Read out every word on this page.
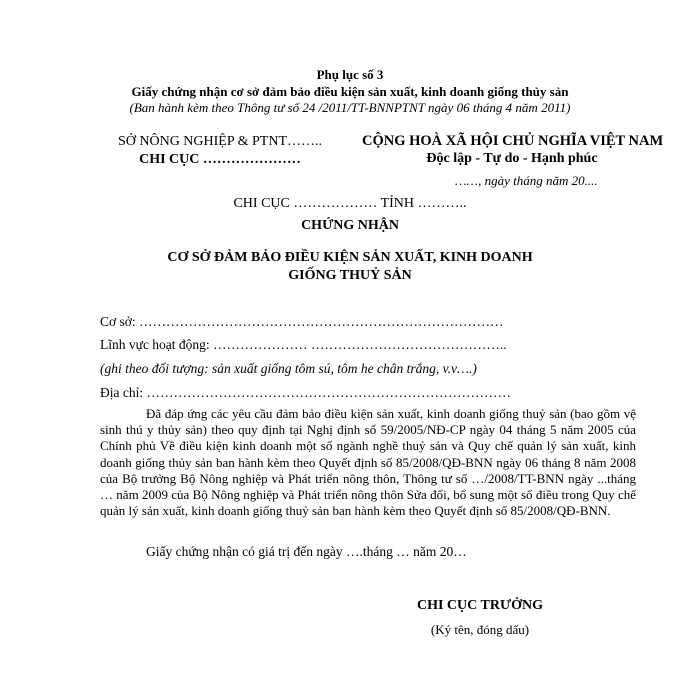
Phụ lục số 3
Giấy chứng nhận cơ sở đảm bảo điều kiện sản xuất, kinh doanh giống thủy sản
(Ban hành kèm theo Thông tư số 24 /2011/TT-BNNPTNT ngày 06 tháng 4 năm 2011)
SỞ NÔNG NGHIỆP & PTNT……..
CHI CỤC …………………
CỘNG HOÀ XÃ HỘI CHỦ NGHĨA VIỆT NAM
Độc lập - Tự do - Hạnh phúc
……, ngày tháng năm 20....
CHI CỤC ……………… TỈNH ………..
CHỨNG NHẬN
CƠ SỞ ĐẢM BẢO ĐIỀU KIỆN SẢN XUẤT, KINH DOANH
GIỐNG THUỶ SẢN
Cơ sở: ………………………………………………………………………
Lĩnh vực hoạt động: ………………… ……………………………………..
(ghi theo đối tượng: sản xuất giống tôm sú, tôm he chân trắng, v.v….)
Địa chỉ: ………………………………………………………………………
Đã đáp ứng các yêu cầu đảm bảo điều kiện sản xuất, kinh doanh giống thuỷ sản (bao gồm vệ sinh thú y thủy sản) theo quy định tại Nghị định số 59/2005/NĐ-CP ngày 04 tháng 5 năm 2005 của Chính phủ Về điều kiện kinh doanh một số ngành nghề thuỷ sản và Quy chế quản lý sản xuất, kinh doanh giống thủy sản ban hành kèm theo Quyết định số 85/2008/QĐ-BNN ngày 06 tháng 8 năm 2008 của Bộ trưởng Bộ Nông nghiệp và Phát triển nông thôn, Thông tư số …/2008/TT-BNN ngày ...tháng … năm 2009 của Bộ Nông nghiệp và Phát triển nông thôn Sửa đổi, bổ sung một số điều trong Quy chế quản lý sản xuất, kinh doanh giống thuỷ sản ban hành kèm theo Quyết định số 85/2008/QĐ-BNN.
Giấy chứng nhận có giá trị đến ngày ….tháng … năm 20…
CHI CỤC TRƯỞNG
(Ký tên, đóng dấu)
